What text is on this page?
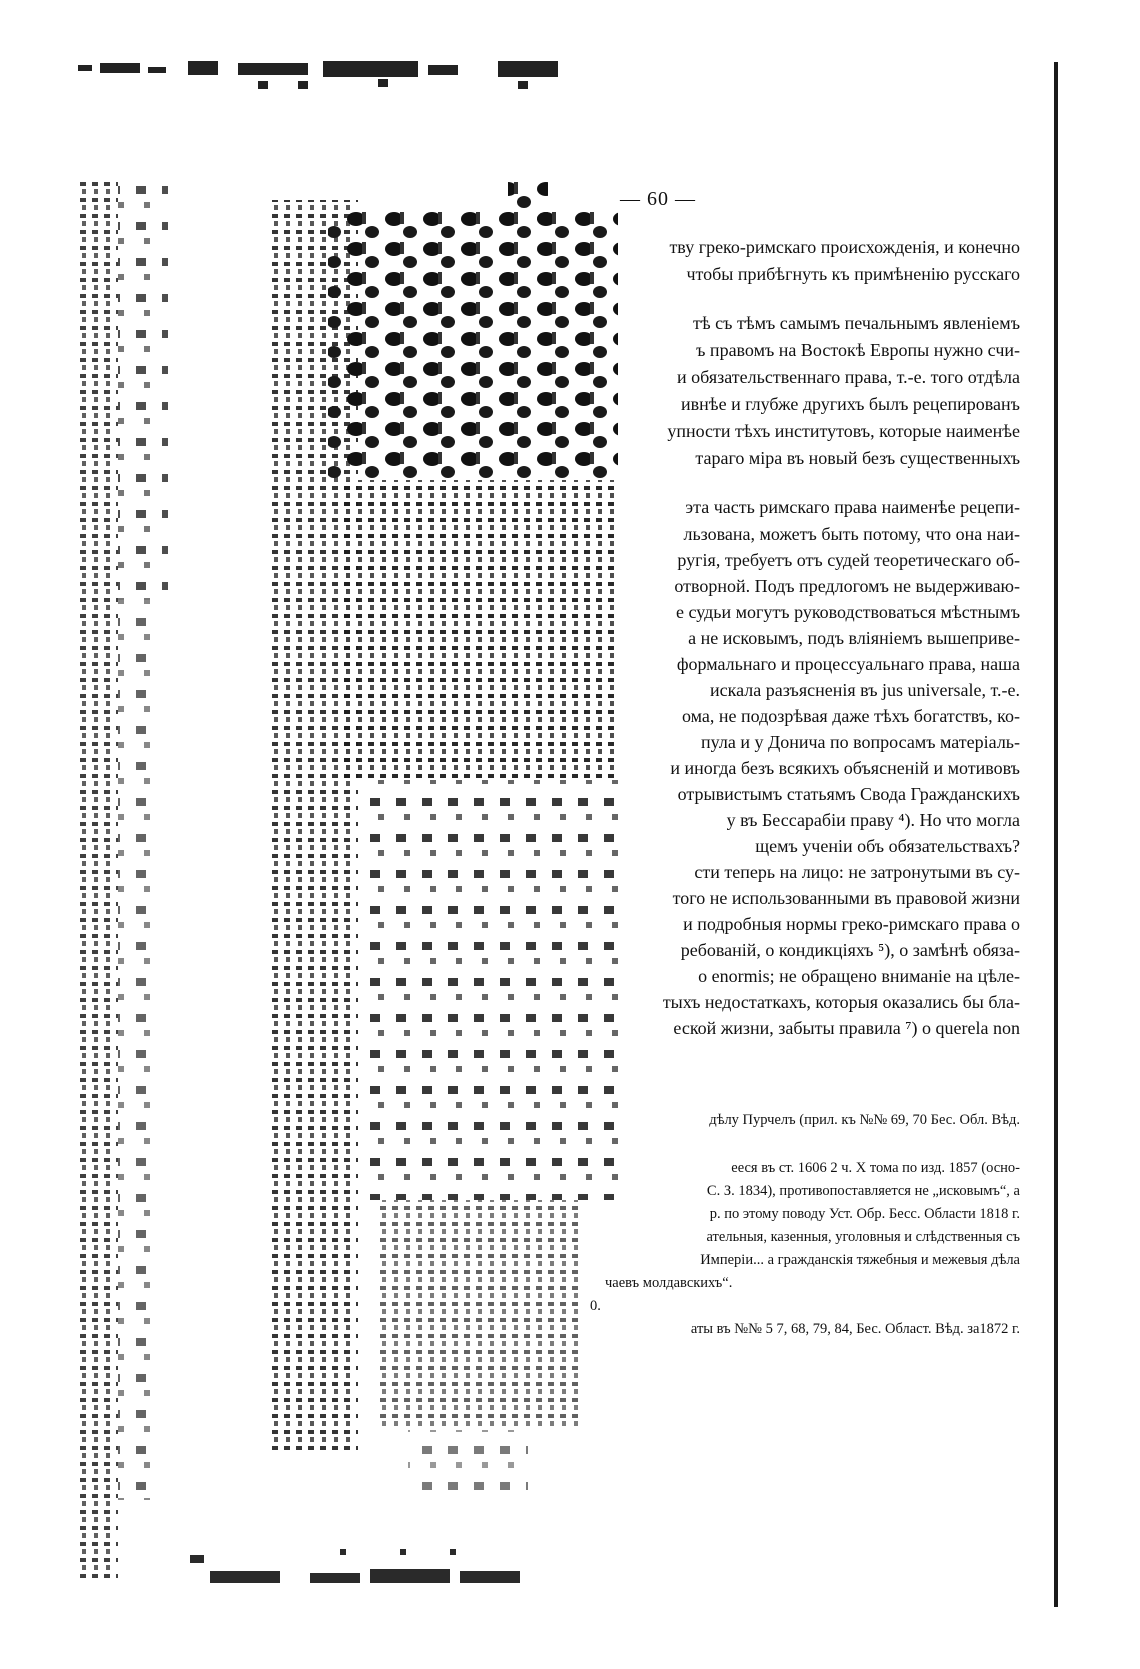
— 60 —
тву греко-римскаго происхожденія, и конечно
чтобы прибѣгнуть къ примѣненію русскаго
тѣ съ тѣмъ самымъ печальнымъ явленіемъ
ъ правомъ на Востокѣ Европы нужно счи-
и обязательственнаго права, т.-е. того отдѣла
ивнѣе и глубже другихъ былъ рецепированъ
упности тѣхъ институтовъ, которые наименѣе
тараго міра въ новый безъ существенныхъ
эта часть римскаго права наименѣе рецепи-
льзована, можетъ быть потому, что она наи-
ругія, требуетъ отъ судей теоретическаго об-
отворной. Подъ предлогомъ не выдерживаю-
е судьи могутъ руководствоваться мѣстнымъ
а не исковымъ, подъ вліяніемъ вышеприве-
формальнаго и процессуальнаго права, наша
искала разъясненія въ jus universale, т.-е.
ома, не подозрѣвая даже тѣхъ богатствъ, ко-
пула и у Донича по вопросамъ матеріаль-
и иногда безъ всякихъ объясненій и мотивовъ
отрывистымъ статьямъ Свода Гражданскихъ
у въ Бессарабіи праву ⁴). Но что могла
щемъ ученіи объ обязательствахъ?
сти теперь на лицо: не затронутыми въ су-
того не использованными въ правовой жизни
и подробныя нормы греко-римскаго права о
ребованій, о кондикціяхъ ⁵), о замѣнѣ обяза-
о enormis; не обращено вниманіе на цѣле-
тыхъ недостаткахъ, которыя оказались бы бла-
еской жизни, забыты правила ⁷) о querela non
дѣлу Пурчелъ (прил. къ №№ 69, 70 Бес. Обл. Вѣд.
ееся въ ст. 1606 2 ч. X тома по изд. 1857 (осно-
С. З. 1834), противопоставляется не „исковымъ“, а
р. по этому поводу Уст. Обр. Бесс. Области 1818 г.
ательныя, казенныя, уголовныя и слѣдственныя съ
Имперіи... а гражданскія тяжебныя и межевыя дѣла
чаевъ молдавскихъ“.
0.
аты въ №№ 5 7, 68, 79, 84, Бес. Област. Вѣд. за1872 г.
